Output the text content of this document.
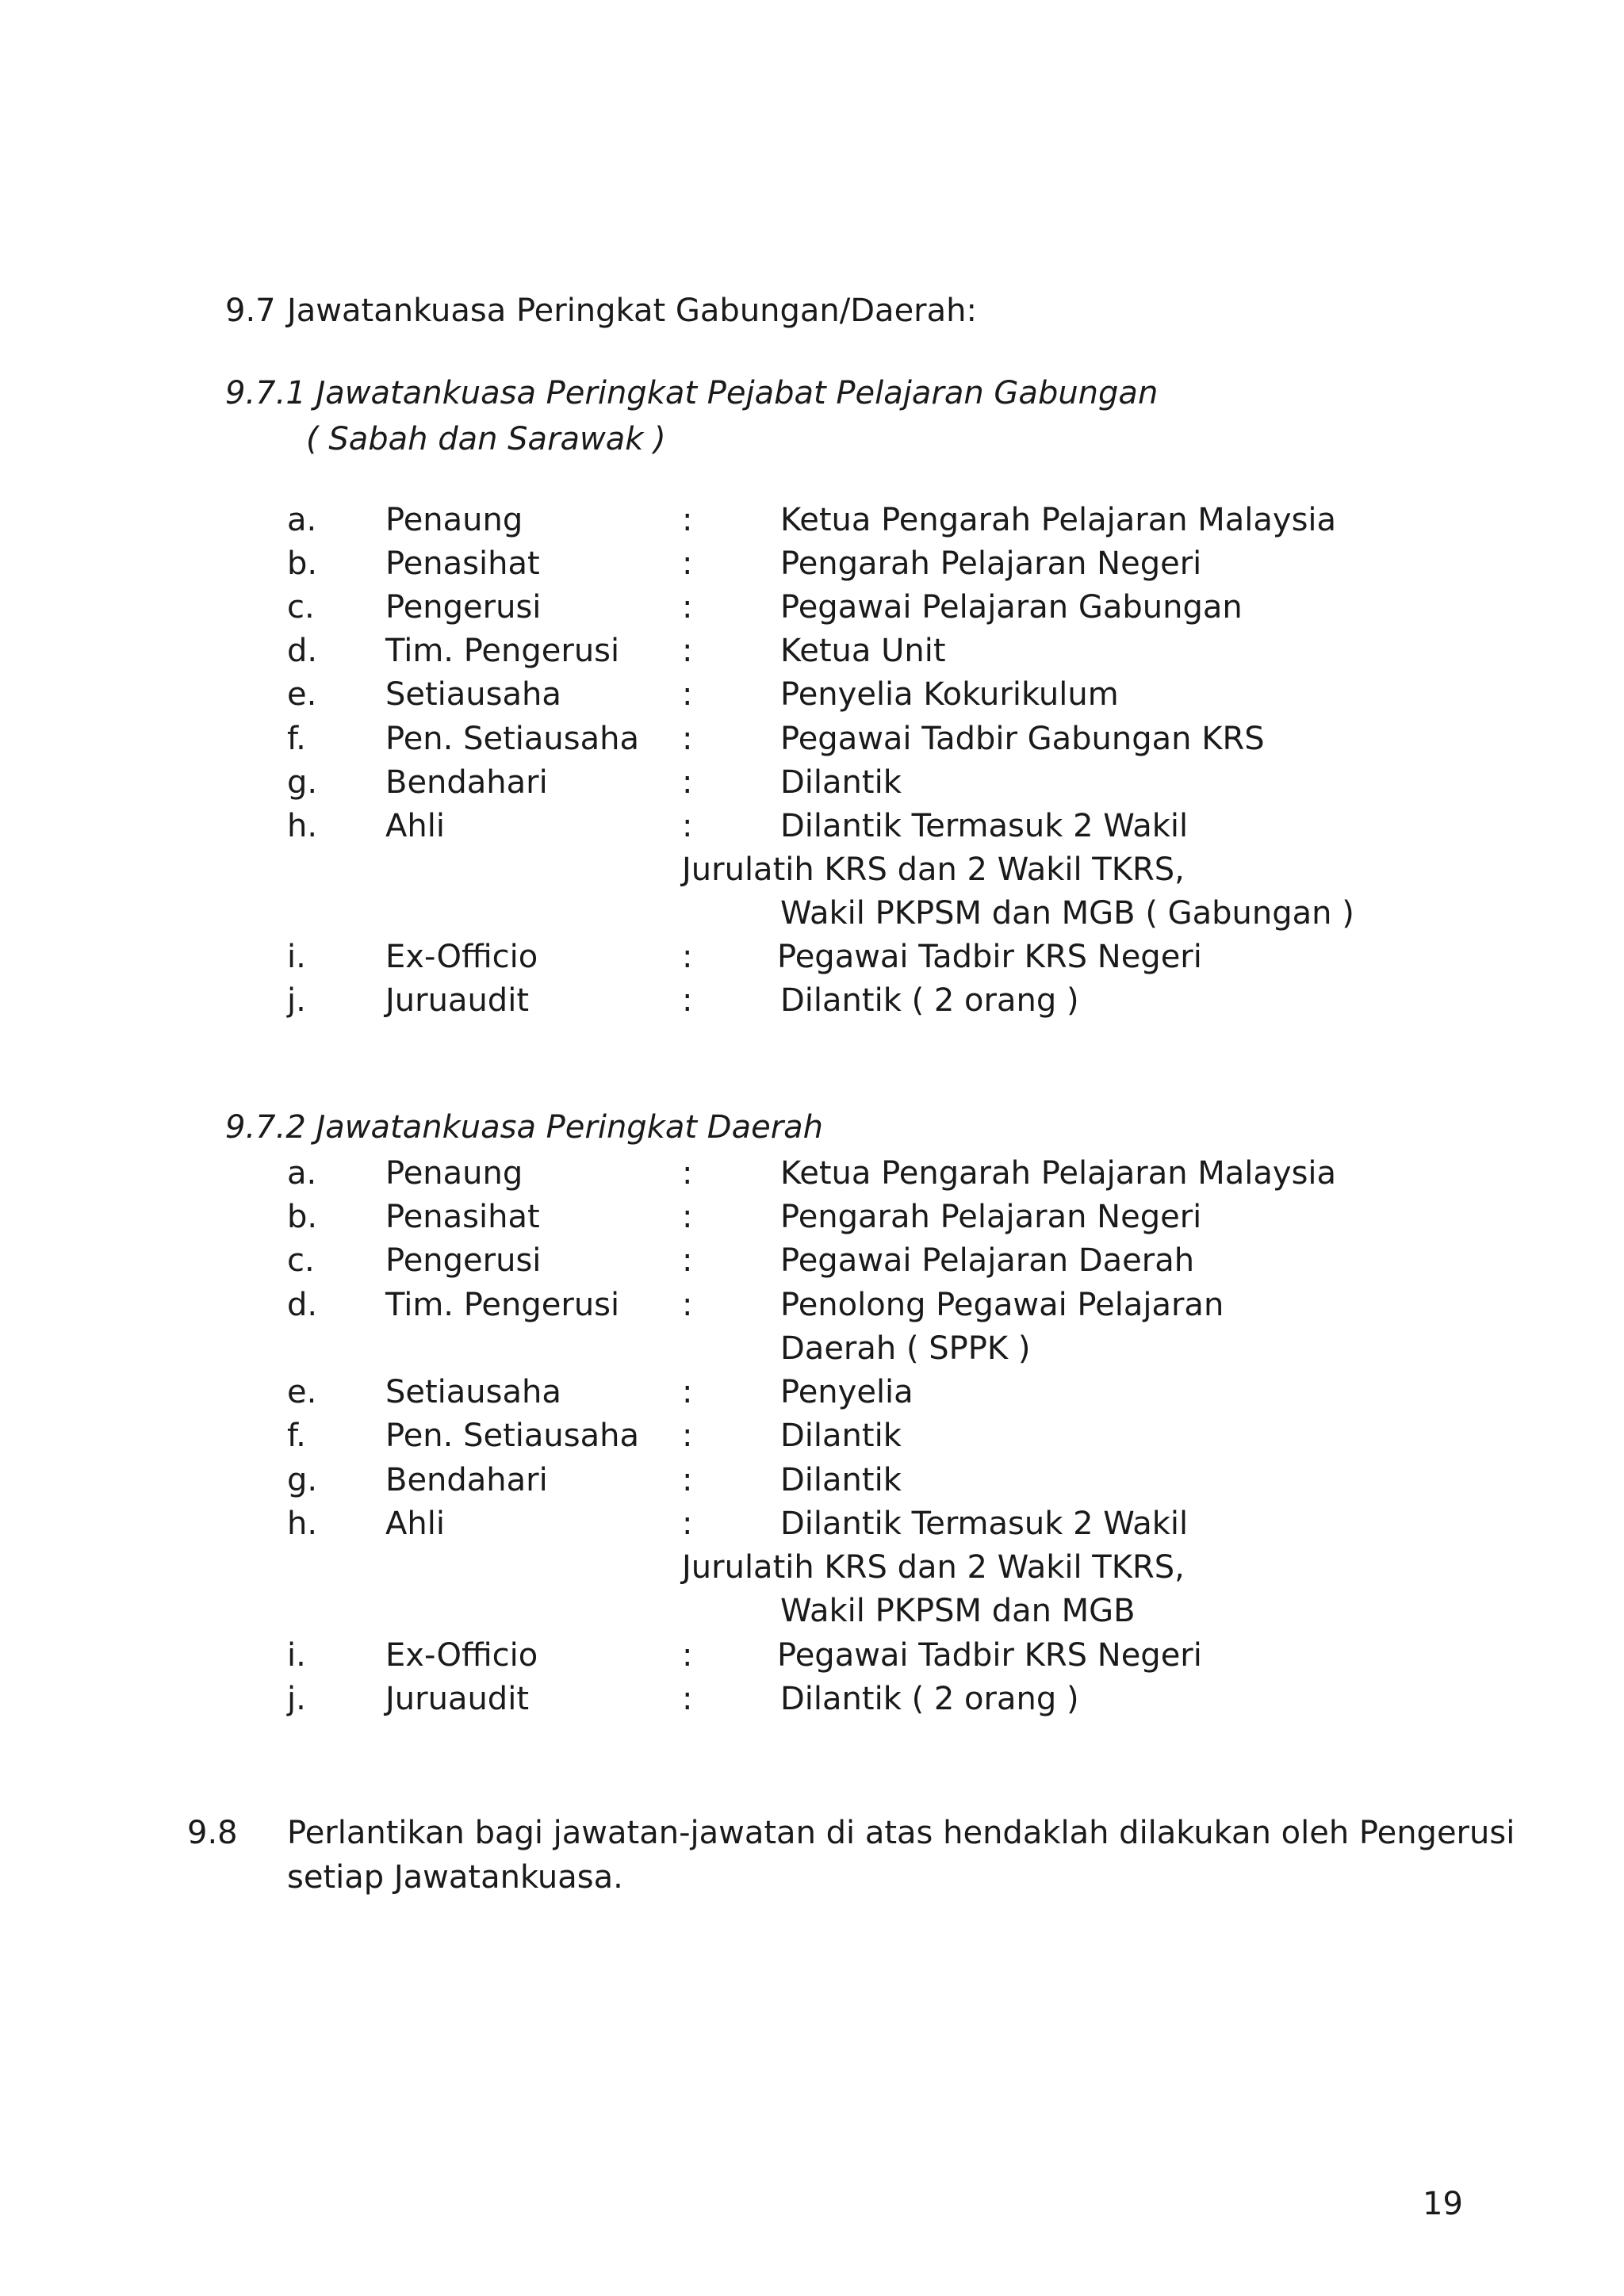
9.7 Jawatankuasa Peringkat Gabungan/Daerah:
9.7.1 Jawatankuasa Peringkat Pejabat Pelajaran Gabungan
( Sabah dan Sarawak )
a. Penaung	:	Ketua Pengarah Pelajaran Malaysia
b. Penasihat	:	Pengarah Pelajaran Negeri
c. Pengerusi	:	Pegawai Pelajaran Gabungan
d. Tim. Pengerusi :	Ketua Unit
e. Setiausaha	:	Penyelia Kokurikulum
f.	Pen. Setiausaha :	Pegawai Tadbir Gabungan KRS
g. Bendahari	:	Dilantik
h. Ahli	:	Dilantik Termasuk 2 Wakil
Jurulatih KRS dan 2 Wakil TKRS,
Wakil PKPSM dan MGB ( Gabungan )
i.	Ex-Officio	:	Pegawai Tadbir KRS Negeri
j.	Juruaudit	:	Dilantik ( 2 orang )
9.7.2 Jawatankuasa Peringkat Daerah
a. Penaung	:	Ketua Pengarah Pelajaran Malaysia
b. Penasihat	:	Pengarah Pelajaran Negeri
c. Pengerusi	:	Pegawai Pelajaran Daerah
d. Tim. Pengerusi :	Penolong Pegawai Pelajaran
Daerah ( SPPK )
e. Setiausaha	:	Penyelia
f.	Pen. Setiausaha :	Dilantik
g. Bendahari	:	Dilantik
h. Ahli	:	Dilantik Termasuk 2 Wakil
Jurulatih KRS dan 2 Wakil TKRS,
Wakil PKPSM dan MGB
i.	Ex-Officio	:	Pegawai Tadbir KRS Negeri
j.	Juruaudit	:	Dilantik ( 2 orang )
9.8 Perlantikan bagi jawatan-jawatan di atas hendaklah dilakukan oleh Pengerusi
setiap Jawatankuasa.
19
